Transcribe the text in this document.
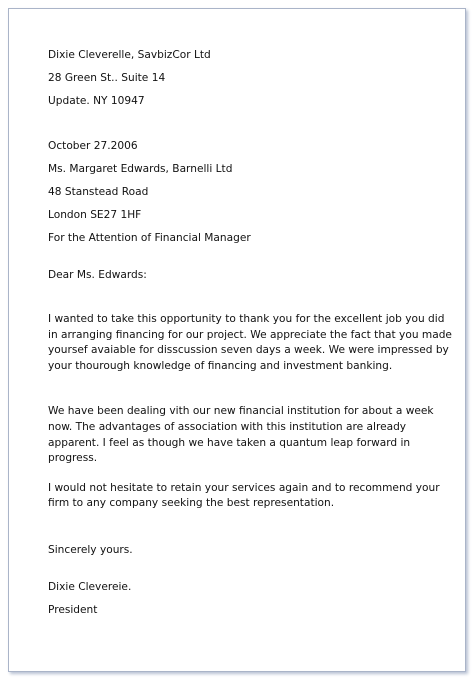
Dixie Cleverelle, SavbizCor Ltd
28 Green St.. Suite 14
Update. NY 10947
October 27.2006
Ms. Margaret Edwards, Barnelli Ltd
48 Stanstead Road
London SE27 1HF
For the Attention of Financial Manager
Dear Ms. Edwards:
I wanted to take this opportunity to thank you for the excellent job you did
in arranging financing for our project. We appreciate the fact that you made
yoursef avaiable for disscussion seven days a week. We were impressed by
your thourough knowledge of financing and investment banking.
We have been dealing vith our new financial institution for about a week
now. The advantages of association with this institution are already
apparent. I feel as though we have taken a quantum leap forward in
progress.
I would not hesitate to retain your services again and to recommend your
firm to any company seeking the best representation.
Sincerely yours.
Dixie Clevereie.
President
